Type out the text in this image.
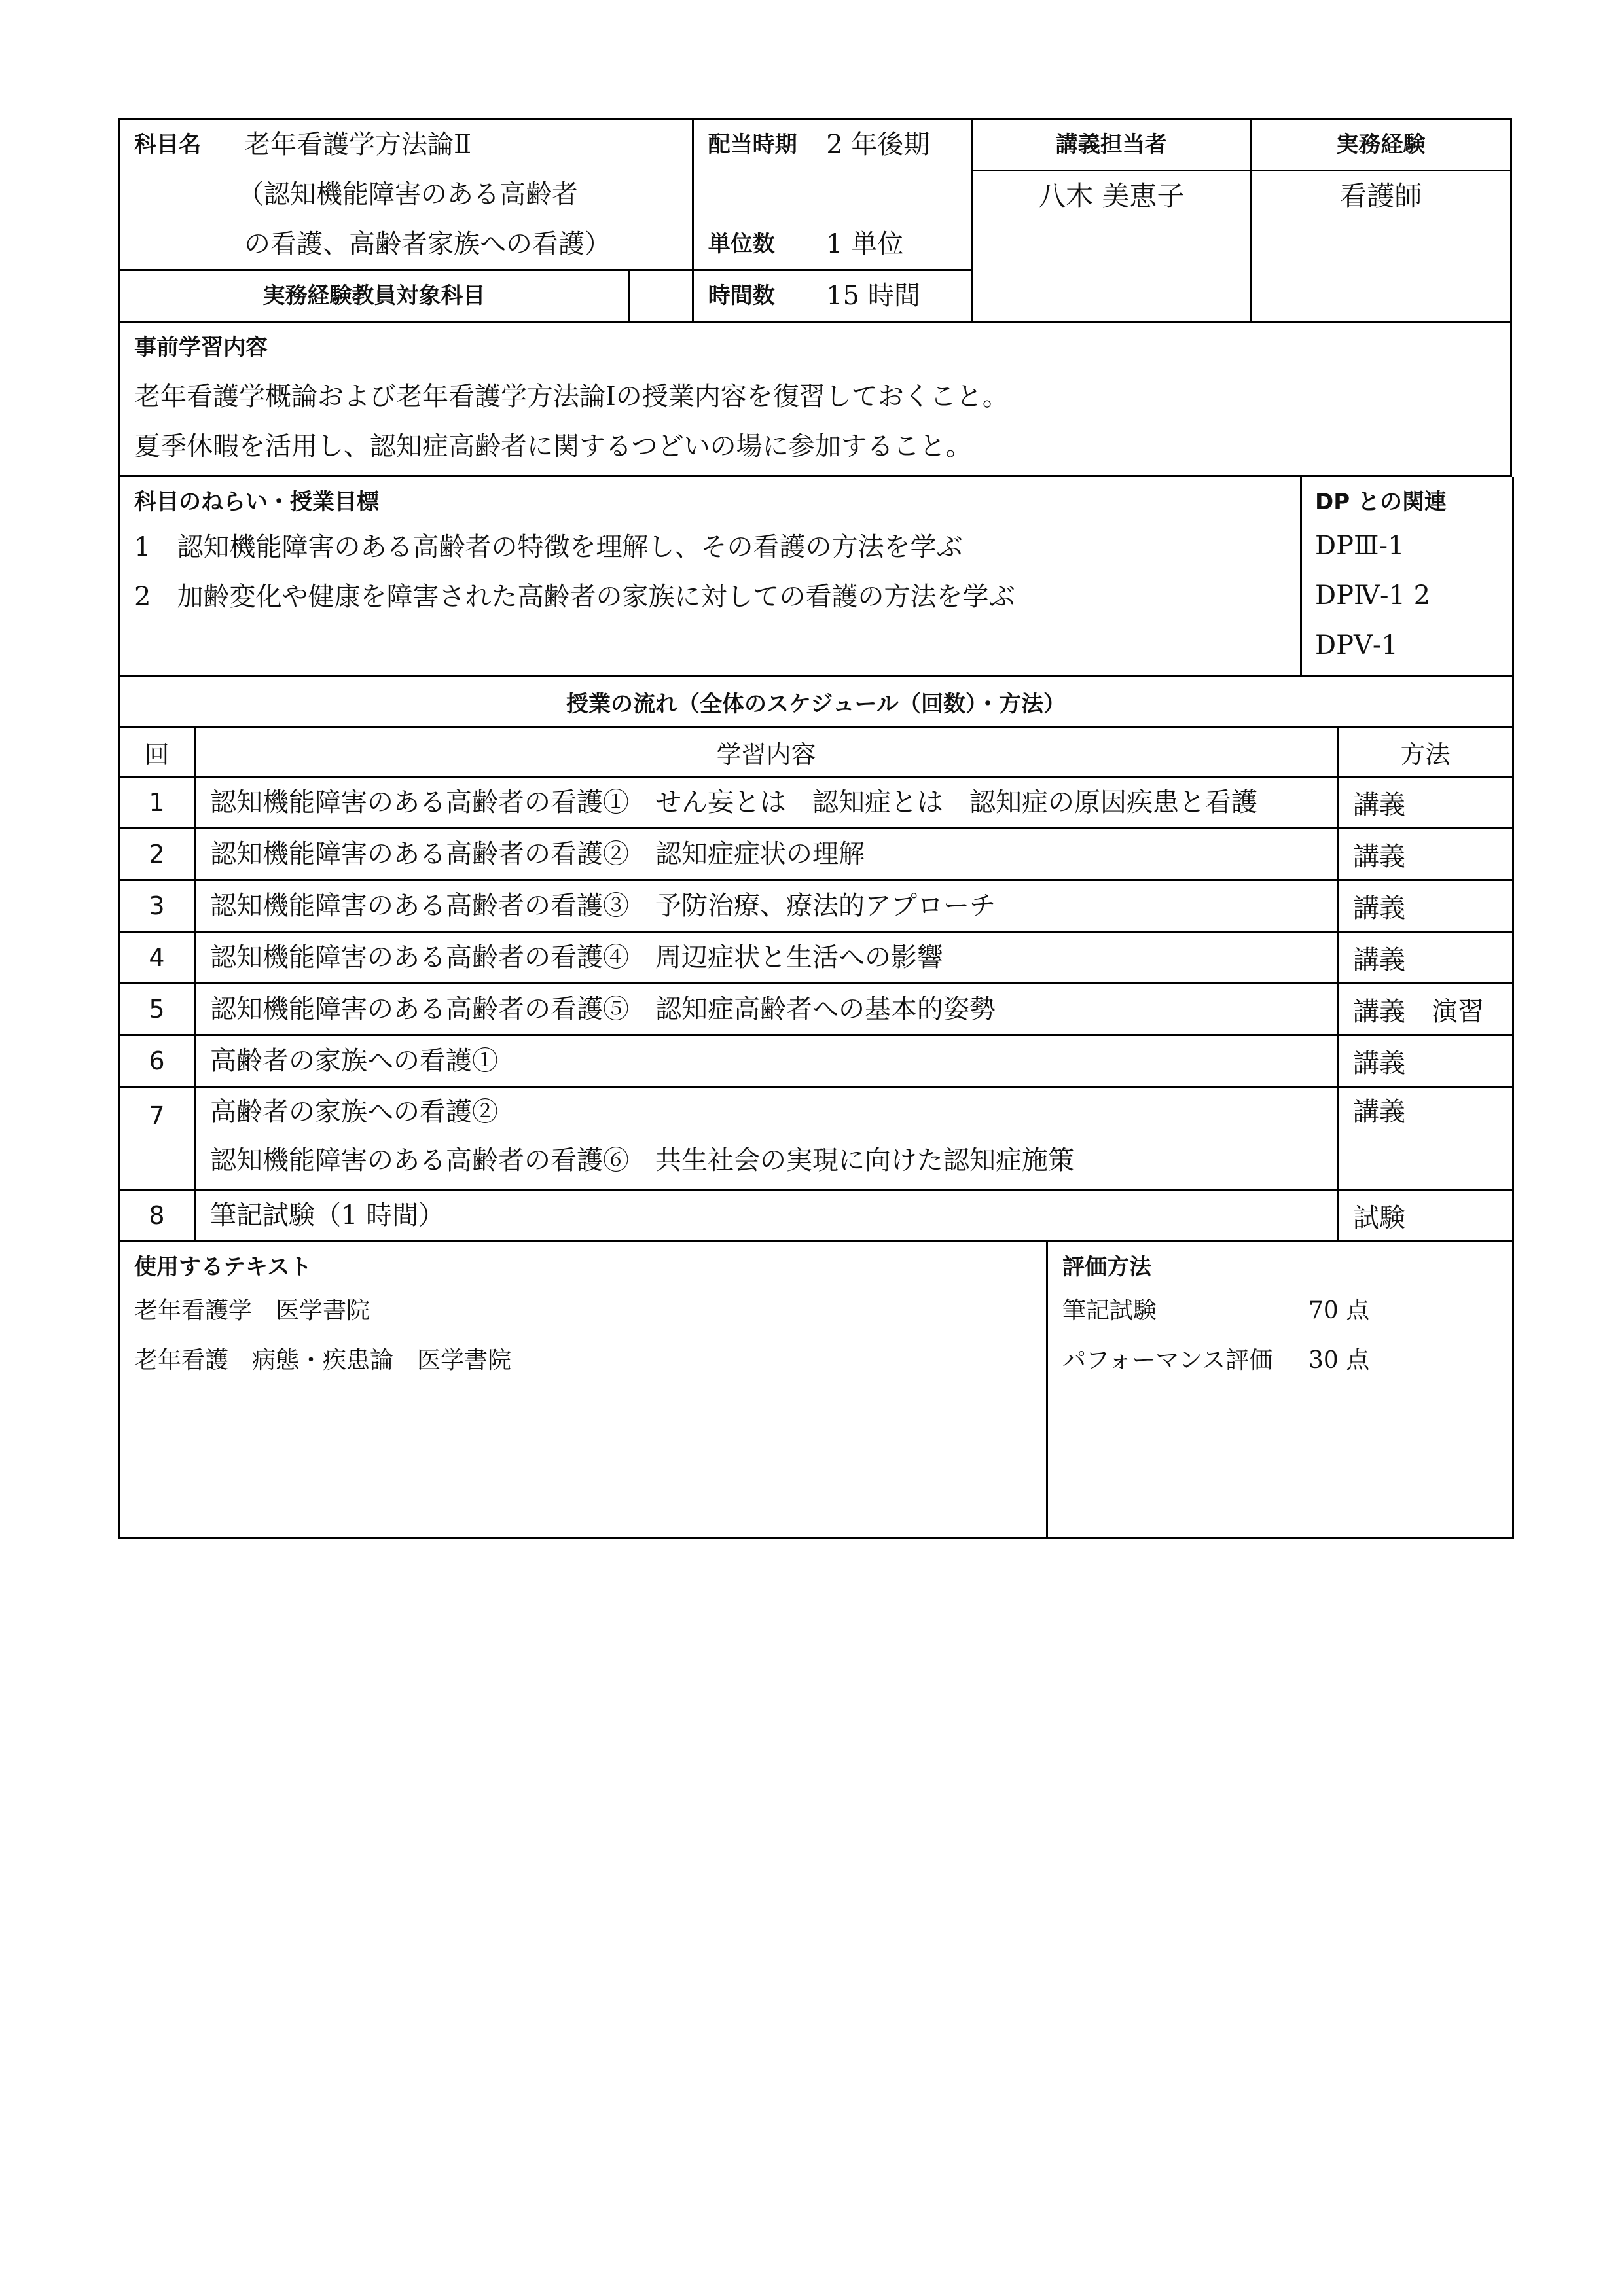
科目名	老年看護学方法論Ⅱ
（認知機能障害のある高齢者
の看護、高齢者家族への看護）		配当時期	2 年後期	講義担当者	実務経験

					八木 美恵子	看護師

			単位数	1 単位		

実務経験教員対象科目			時間数	15 時間		
事前学習内容
老年看護学概論および老年看護学方法論Ⅰの授業内容を復習しておくこと。
夏季休暇を活用し、認知症高齢者に関するつどいの場に参加すること。
科目のねらい・授業目標
1　認知機能障害のある高齢者の特徴を理解し、その看護の方法を学ぶ
2　加齢変化や健康を障害された高齢者の家族に対しての看護の方法を学ぶ

DP との関連
DPⅢ-1
DPⅣ-1 2
DPⅤ-1
授業の流れ（全体のスケジュール（回数）・方法）		
回	学習内容	方法
1	認知機能障害のある高齢者の看護①　せん妄とは　認知症とは　認知症の原因疾患と看護	講義
2	認知機能障害のある高齢者の看護②　認知症症状の理解	講義
3	認知機能障害のある高齢者の看護③　予防治療、療法的アプローチ	講義
4	認知機能障害のある高齢者の看護④　周辺症状と生活への影響	講義
5	認知機能障害のある高齢者の看護⑤　認知症高齢者への基本的姿勢	講義　演習
6	高齢者の家族への看護①	講義

7	高齢者の家族への看護②
認知機能障害のある高齢者の看護⑥　共生社会の実現に向けた認知症施策	講義

8	筆記試験（1 時間）	試験
使用するテキスト
老年看護学　医学書院
老年看護　病態・疾患論　医学書院

評価方法
筆記試験	70 点
パフォーマンス評価	30 点
